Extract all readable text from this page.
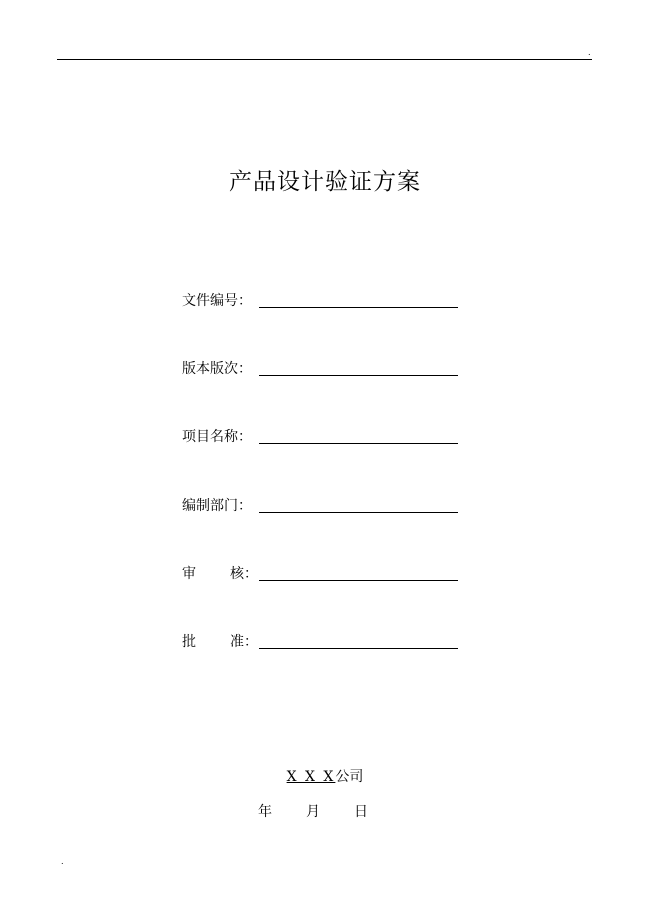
.
产品设计验证方案
文件编号：
版本版次：
项目名称：
编制部门：
审 核：
批 准：
X X X公司
年 月 日
.
